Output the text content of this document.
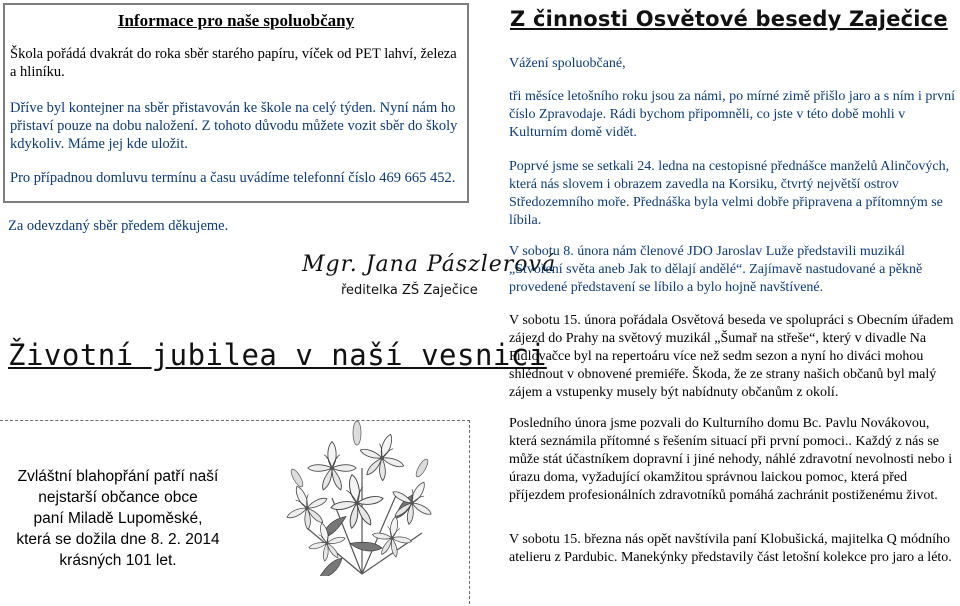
Informace pro naše spoluobčany
Škola pořádá dvakrát do roka sběr starého papíru, víček od PET lahví, železa a hliníku.
Dříve byl kontejner na sběr přistavován ke škole na celý týden. Nyní nám ho přistaví pouze na dobu naložení. Z tohoto důvodu můžete vozit sběr do školy kdykoliv. Máme jej kde uložit.
Pro případnou domluvu termínu a času uvádíme telefonní číslo 469 665 452.
Za odevzdaný sběr předem děkujeme.
Mgr. Jana Pászlerová
ředitelka ZŠ Zaječice
Životní jubilea v naší vesnici
Zvláštní blahopřání patří naší
nejstarší občance obce
paní Miladě Lupoměské,
která se dožila dne 8. 2. 2014
krásných 101 let.
Z činnosti Osvětové besedy Zaječice
Vážení spoluobčané,
tři měsíce letošního roku jsou za námi, po mírné zimě přišlo jaro a s ním i první číslo Zpravodaje. Rádi bychom připomněli, co jste v této době mohli v Kulturním domě vidět.
Poprvé jsme se setkali 24. ledna na cestopisné přednášce manželů Alinčových, která nás slovem i obrazem zavedla na Korsiku, čtvrtý největší ostrov Středozemního moře. Přednáška byla velmi dobře připravena a přítomným se líbila.
V sobotu 8. února nám členové JDO Jaroslav Luže představili muzikál „Stvoření světa aneb Jak to dělají andělé“. Zajímavě nastudované a pěkně provedené představení se líbilo a bylo hojně navštívené.
V sobotu 15. února pořádala Osvětová beseda ve spolupráci s Obecním úřadem zájezd do Prahy na světový muzikál „Šumař na střeše“, který v divadle Na Fidlovačce byl na repertoáru více než sedm sezon a nyní ho diváci mohou shlédnout v obnovené premiéře. Škoda, že ze strany našich občanů byl malý zájem a vstupenky musely být nabídnuty občanům z okolí.
Posledního února jsme pozvali do Kulturního domu Bc. Pavlu Novákovou, která seznámila přítomné s řešením situací při první pomoci.. Každý z nás se může stát účastníkem dopravní i jiné nehody, náhlé zdravotní nevolnosti nebo i úrazu doma, vyžadující okamžitou správnou laickou pomoc, která před příjezdem profesionálních zdravotníků pomáhá zachránit postiženému život.
V sobotu 15. března nás opět navštívila paní Klobušická, majitelka Q módního atelieru z Pardubic. Manekýnky představily část letošní kolekce pro jaro a léto.
